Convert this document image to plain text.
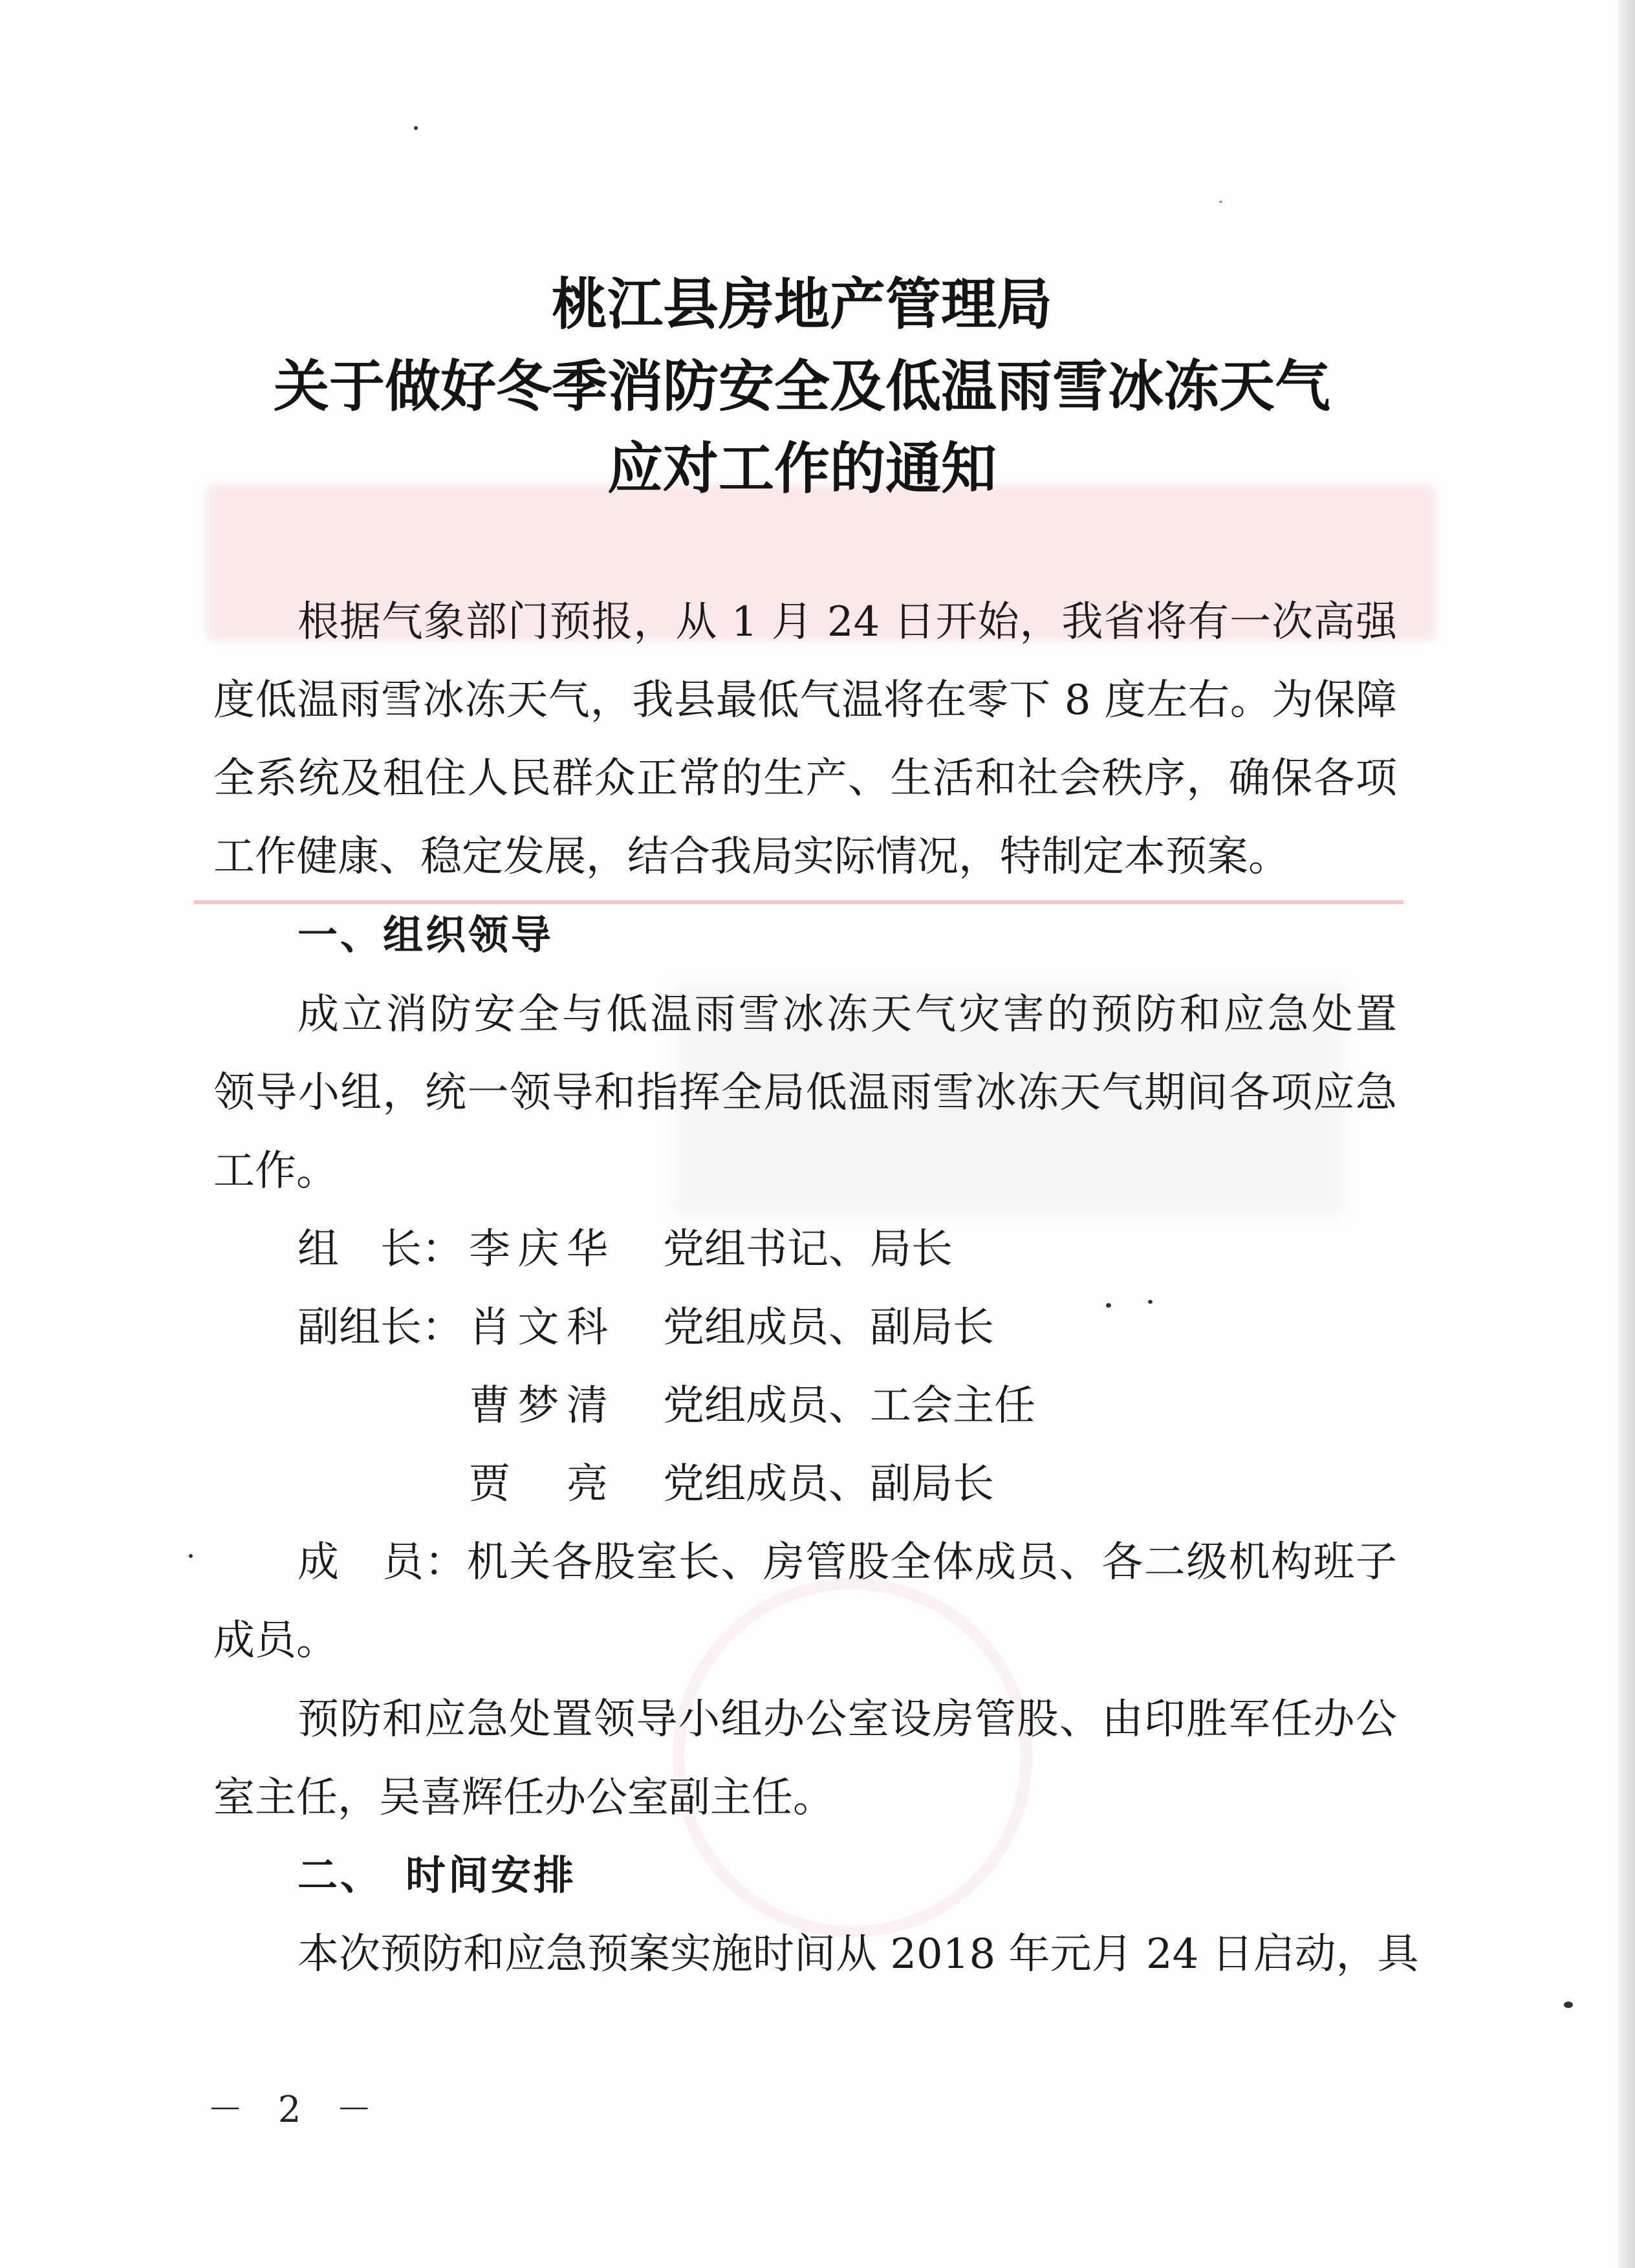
桃江县房地产管理局
关于做好冬季消防安全及低温雨雪冰冻天气
应对工作的通知
根据气象部门预报，从 1 月 24 日开始，我省将有一次高强
度低温雨雪冰冻天气，我县最低气温将在零下 8 度左右。为保障
全系统及租住人民群众正常的生产、生活和社会秩序，确保各项
工作健康、稳定发展，结合我局实际情况，特制定本预案。
一、组织领导
成立消防安全与低温雨雪冰冻天气灾害的预防和应急处置
领导小组，统一领导和指挥全局低温雨雪冰冻天气期间各项应急
工作。
组　长： 李庆华 党组书记、局长
副组长： 肖文科 党组成员、副局长
曹梦清 党组成员、工会主任
贾　亮 党组成员、副局长
成　员：机关各股室长、房管股全体成员、各二级机构班子
成员。
预防和应急处置领导小组办公室设房管股、由印胜军任办公
室主任，吴喜辉任办公室副主任。
二、　时间安排
本次预防和应急预案实施时间从 2018 年元月 24 日启动，具
－ 2 －
